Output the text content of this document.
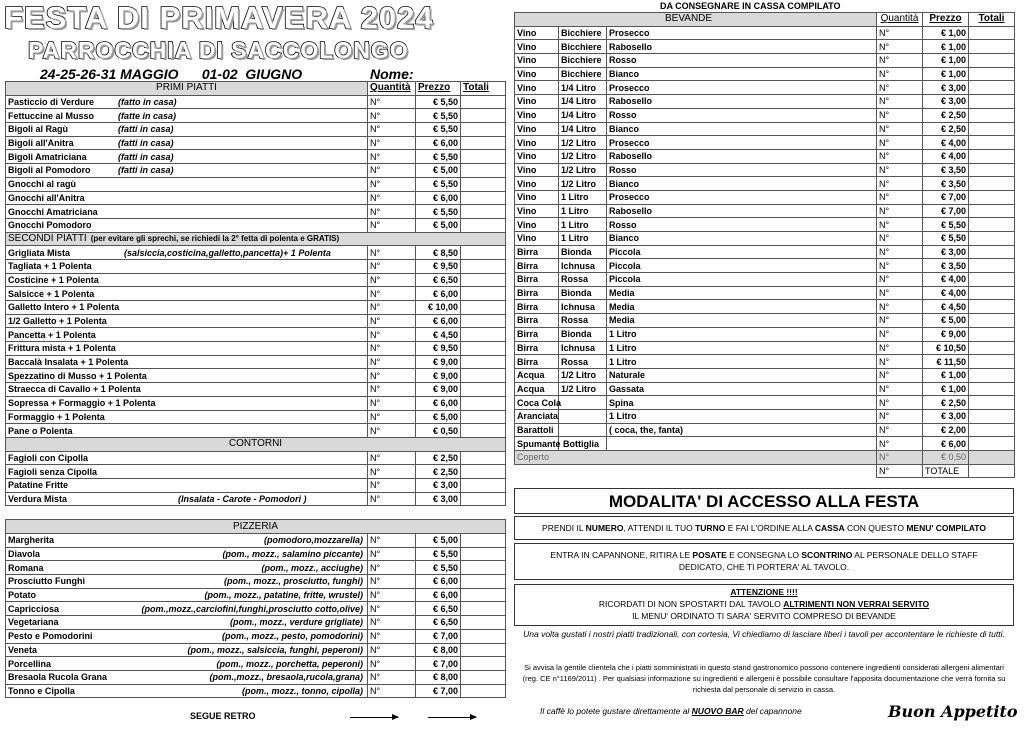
FESTA DI PRIMAVERA 2024
PARROCCHIA DI SACCOLONGO
24-25-26-31 MAGGIO      01-02  GIUGNO	Nome:
PRIMI PIATTI	Quantità	Prezzo	Totali
Pasticcio di Verdure (fatto in casa)	N°	€ 5,50	
Fettuccine al Musso (fatte in casa)	N°	€ 5,50	
Bigoli al Ragù (fatti in casa)	N°	€ 5,50	
Bigoli all'Anitra (fatti in casa)	N°	€ 6,00	
Bigoli Amatriciana (fatti in casa)	N°	€ 5,50	
Bigoli al Pomodoro (fatti in casa)	N°	€ 5,00	
Gnocchi al ragù	N°	€ 5,50	
Gnocchi all'Anitra	N°	€ 6,00	
Gnocchi Amatriciana	N°	€ 5,50	
Gnocchi Pomodoro	N°	€ 5,00	
SECONDI PIATTI (per evitare gli sprechi, se richiedi la 2° fetta di polenta e GRATIS)			
Grigliata Mista (salsiccia,costicina,galletto,pancetta)+ 1 Polenta	N°	€ 8,50	
Tagliata + 1 Polenta	N°	€ 9,50	
Costicine + 1 Polenta	N°	€ 6,50	
Salsicce + 1 Polenta	N°	€ 6,00	
Galletto Intero + 1 Polenta	N°	€ 10,00	
1/2 Galletto + 1 Polenta	N°	€ 6,00	
Pancetta + 1 Polenta	N°	€ 4,50	
Frittura mista + 1 Polenta	N°	€ 9,50	
Baccalà Insalata + 1 Polenta	N°	€ 9,00	
Spezzatino di Musso + 1 Polenta	N°	€ 9,00	
Straecca di Cavallo + 1 Polenta	N°	€ 9,00	
Sopressa + Formaggio + 1 Polenta	N°	€ 6,00	
Formaggio + 1 Polenta	N°	€ 5,00	
Pane o Polenta	N°	€ 0,50	
CONTORNI			
Fagioli con Cipolla	N°	€ 2,50	
Fagioli senza Cipolla	N°	€ 2,50	
Patatine Fritte	N°	€ 3,00	
Verdura Mista (Insalata - Carote - Pomodori )	N°	€ 3,00	

PIZZERIA			
Margherita (pomodoro,mozzarella)	N°	€ 5,00	
Diavola (pom., mozz., salamino piccante)	N°	€ 5,50	
Romana (pom., mozz., acciughe)	N°	€ 5,50	
Prosciutto Funghi (pom., mozz., prosciutto, funghi)	N°	€ 6,00	
Potato (pom., mozz., patatine, fritte, wrustel)	N°	€ 6,00	
Capricciosa (pom.,mozz.,carciofini,funghi,prosciutto cotto,olive)	N°	€ 6,50	
Vegetariana (pom., mozz., verdure grigliate)	N°	€ 6,50	
Pesto e Pomodorini (pom., mozz., pesto, pomodorini)	N°	€ 7,00	
Veneta (pom., mozz., salsiccia, funghi, peperoni)	N°	€ 8,00	
Porcellina (pom., mozz., porchetta, peperoni)	N°	€ 7,00	
Bresaola Rucola Grana (pom.,mozz., bresaola,rucola,grana)	N°	€ 8,00	
Tonno e Cipolla (pom., mozz., tonno, cipolla)	N°	€ 7,00	
SEGUE RETRO
DA CONSEGNARE IN CASSA COMPILATO
BEVANDE			Quantità	Prezzo	Totali
Vino	Bicchiere	Prosecco	N°	€ 1,00	
Vino	Bicchiere	Rabosello	N°	€ 1,00	
Vino	Bicchiere	Rosso	N°	€ 1,00	
Vino	Bicchiere	Bianco	N°	€ 1,00	
Vino	1/4 Litro	Prosecco	N°	€ 3,00	
Vino	1/4 Litro	Rabosello	N°	€ 3,00	
Vino	1/4 Litro	Rosso	N°	€ 2,50	
Vino	1/4 Litro	Bianco	N°	€ 2,50	
Vino	1/2 Litro	Prosecco	N°	€ 4,00	
Vino	1/2 Litro	Rabosello	N°	€ 4,00	
Vino	1/2 Litro	Rosso	N°	€ 3,50	
Vino	1/2 Litro	Bianco	N°	€ 3,50	
Vino	1 Litro	Prosecco	N°	€ 7,00	
Vino	1 Litro	Rabosello	N°	€ 7,00	
Vino	1 Litro	Rosso	N°	€ 5,50	
Vino	1 Litro	Bianco	N°	€ 5,50	
Birra	Bionda	Piccola	N°	€ 3,00	
Birra	Ichnusa	Piccola	N°	€ 3,50	
Birra	Rossa	Piccola	N°	€ 4,00	
Birra	Bionda	Media	N°	€ 4,00	
Birra	Ichnusa	Media	N°	€ 4,50	
Birra	Rossa	Media	N°	€ 5,00	
Birra	Bionda	1 Litro	N°	€ 9,00	
Birra	Ichnusa	1 Litro	N°	€ 10,50	
Birra	Rossa	1 Litro	N°	€ 11,50	
Acqua	1/2 Litro	Naturale	N°	€ 1,00	
Acqua	1/2 Litro	Gassata	N°	€ 1,00	
Coca Cola		Spina	N°	€ 2,50	
Aranciata		1 Litro	N°	€ 3,00	
Barattoli		( coca, the, fanta)	N°	€ 2,00	
Spumante Bottiglia			N°	€ 6,00	
Coperto			N°	€ 0,50	
			N°	TOTALE	
MODALITA' DI ACCESSO ALLA FESTA
PRENDI IL NUMERO, ATTENDI IL TUO TURNO E FAI L'ORDINE ALLA CASSA CON QUESTO MENU' COMPILATO
ENTRA IN CAPANNONE, RITIRA LE POSATE E CONSEGNA LO SCONTRINO AL PERSONALE DELLO STAFF
DEDICATO, CHE TI PORTERA' AL TAVOLO.
ATTENZIONE !!!!
RICORDATI DI NON SPOSTARTI DAL TAVOLO ALTRIMENTI NON VERRAI SERVITO
IL MENU' ORDINATO TI SARA' SERVITO COMPRESO DI BEVANDE
Una volta gustati i nostri piatti tradizionali, con cortesia, Vi chiediamo di lasciare liberi i tavoli per accontentare le richieste di tutti.
Si avvisa la gentile clientela che i piatti somministrati in questo stand gastronomico possono contenere ingredienti considerati allergeni alimentari (reg. CE n°1169/2011) . Per qualsiasi informazione su ingredienti e allergeni è possibile consultare l'apposita documentazione che verrà fornita su richiesta dal personale di servizio in cassa.
Il caffè lo potete gustare direttamente al NUOVO BAR del capannone	Buon Appetito
